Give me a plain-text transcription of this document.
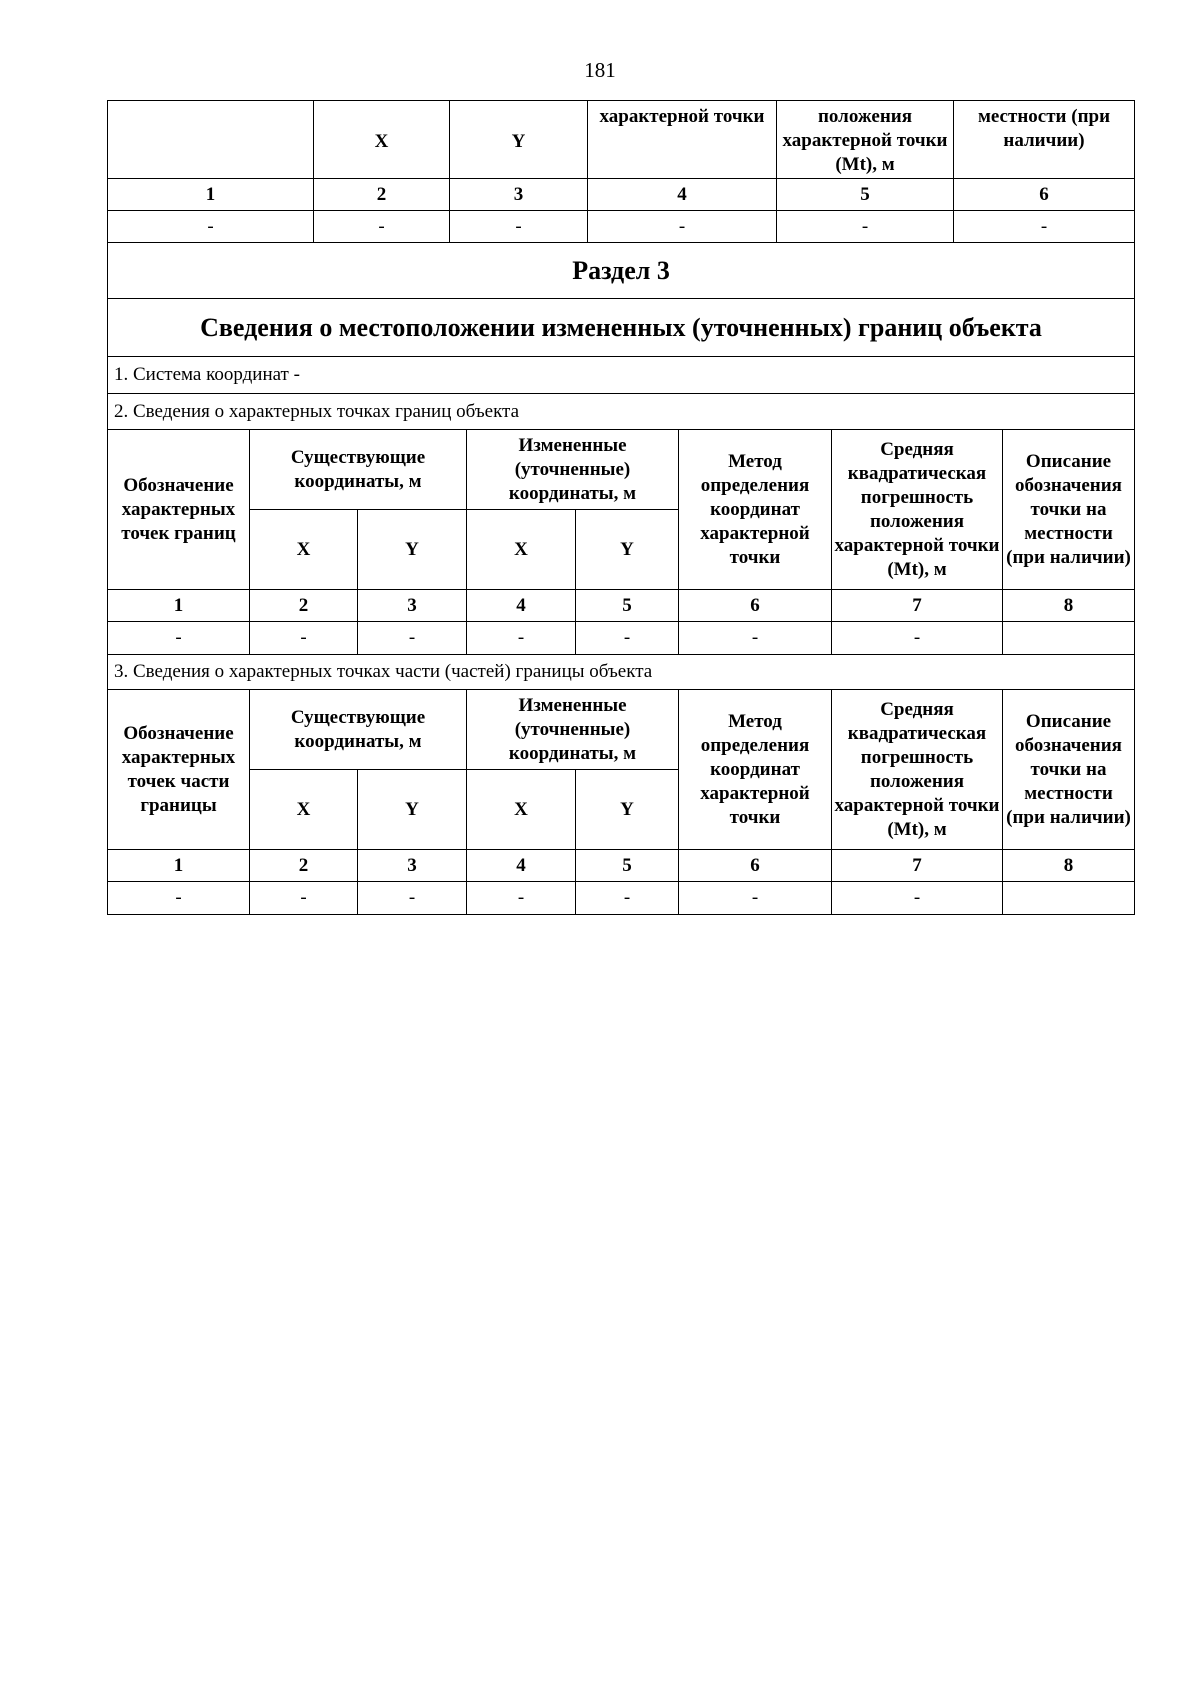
181
	X	Y	характерной точки	положения характерной точки (Mt), м	местности (при наличии)
1	2	3	4	5	6
-	-	-	-	-	-
Раздел 3							
Сведения о местоположении измененных (уточненных) границ объекта							
1. Система координат -							
2. Сведения о характерных точках границ объекта							
Обозначение характерных точек границ	Существующие координаты, м		Измененные (уточненные) координаты, м		Метод определения координат характерной точки	Средняя квадратическая погрешность положения характерной точки (Mt), м	Описание обозначения точки на местности (при наличии)
	X	Y	X	Y			
1	2	3	4	5	6	7	8
-	-	-	-	-	-	-	
3. Сведения о характерных точках части (частей) границы объекта							
Обозначение характерных точек части границы	Существующие координаты, м		Измененные (уточненные) координаты, м		Метод определения координат характерной точки	Средняя квадратическая погрешность положения характерной точки (Mt), м	Описание обозначения точки на местности (при наличии)
	X	Y	X	Y			
1	2	3	4	5	6	7	8
-	-	-	-	-	-	-	
